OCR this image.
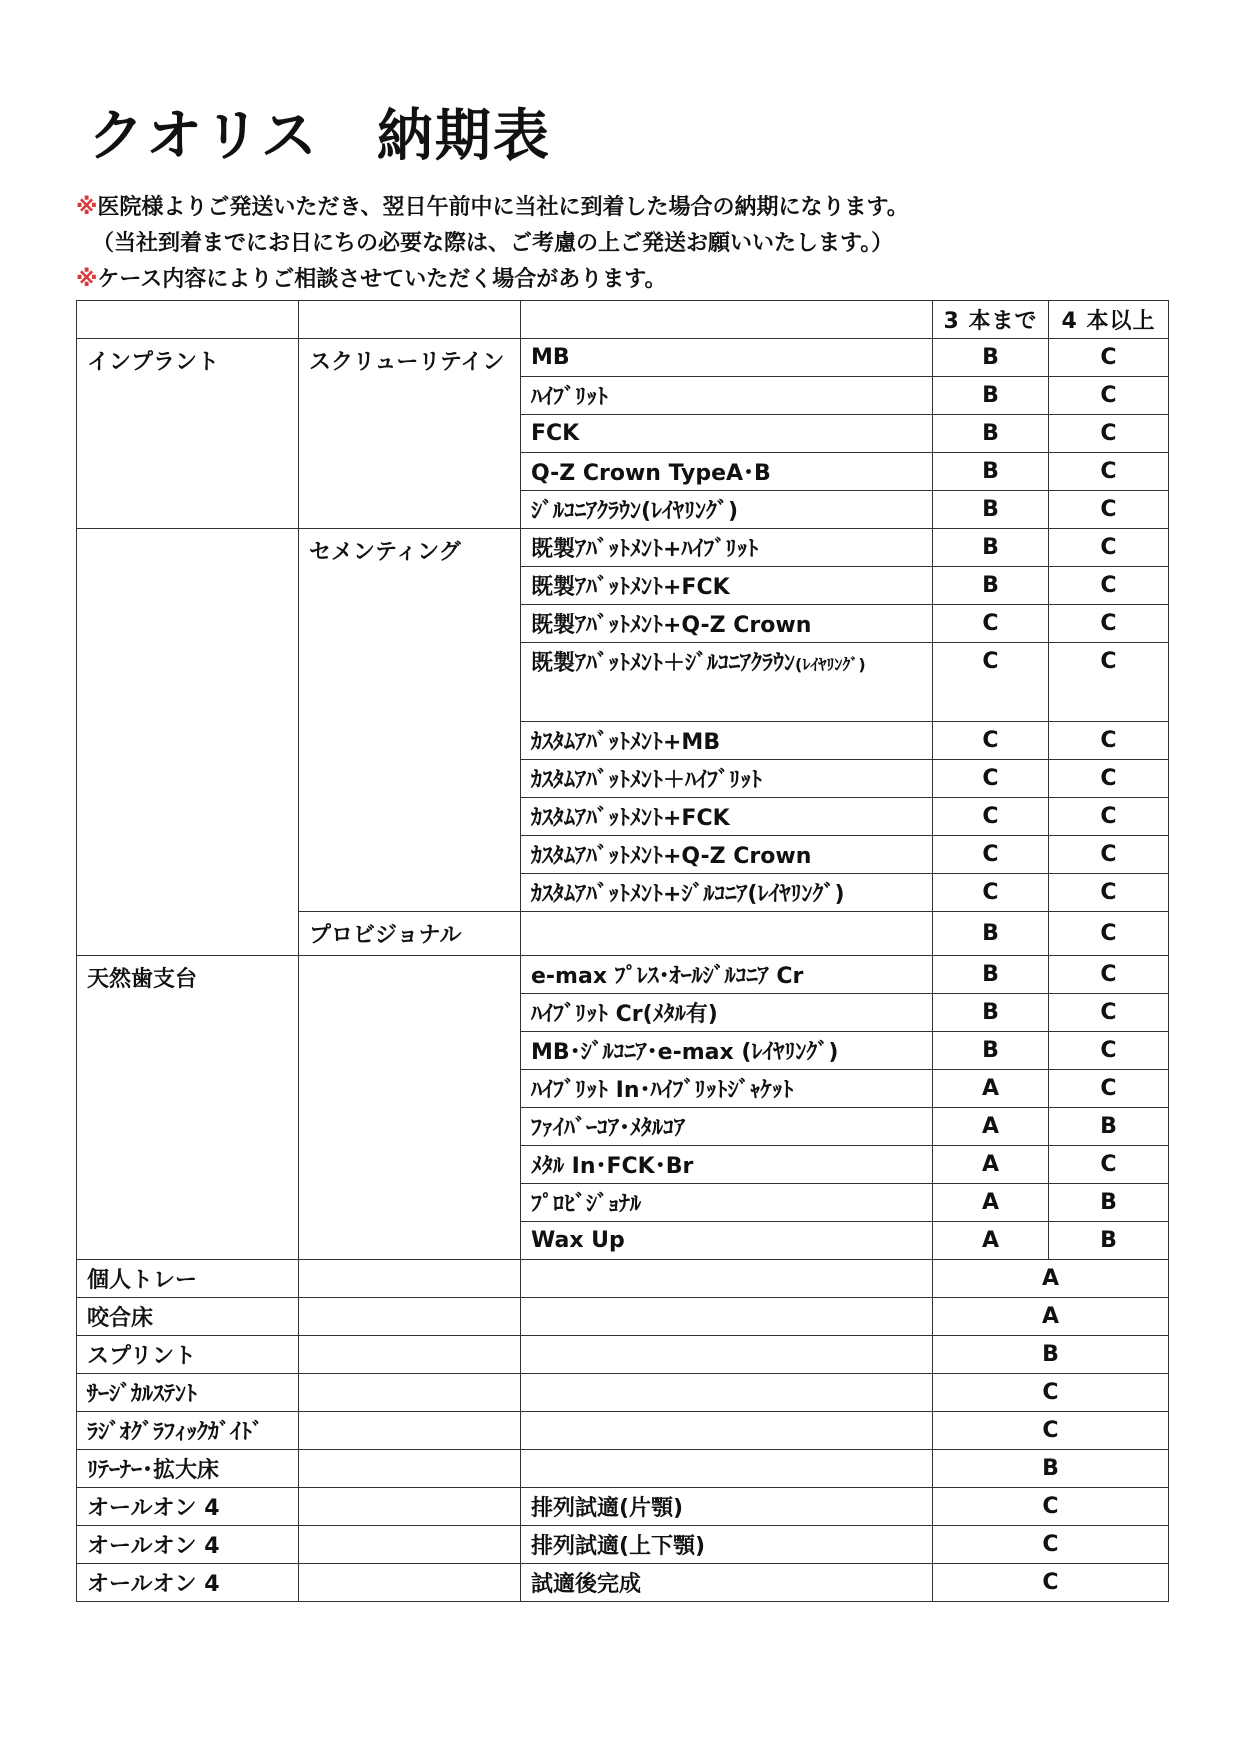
クオリス　納期表
※医院様よりご発送いただき、翌日午前中に当社に到着した場合の納期になります。
（当社到着までにお日にちの必要な際は、ご考慮の上ご発送お願いいたします。）
※ケース内容によりご相談させていただく場合があります。
			3 本まで	4 本以上
インプラント	スクリューリテイン	MB	B	C
		ﾊｲﾌﾞﾘｯﾄ	B	C
		FCK	B	C
		Q-Z Crown TypeA･B	B	C
		ｼﾞﾙｺﾆｱｸﾗｳﾝ(ﾚｲﾔﾘﾝｸﾞ)	B	C
	セメンティング	既製ｱﾊﾞｯﾄﾒﾝﾄ+ﾊｲﾌﾞﾘｯﾄ	B	C
		既製ｱﾊﾞｯﾄﾒﾝﾄ+FCK	B	C
		既製ｱﾊﾞｯﾄﾒﾝﾄ+Q-Z Crown	C	C
		既製ｱﾊﾞｯﾄﾒﾝﾄ＋ｼﾞﾙｺﾆｱｸﾗｳﾝ(ﾚｲﾔﾘﾝｸﾞ)	C	C
		ｶｽﾀﾑｱﾊﾞｯﾄﾒﾝﾄ+MB	C	C
		ｶｽﾀﾑｱﾊﾞｯﾄﾒﾝﾄ＋ﾊｲﾌﾞﾘｯﾄ	C	C
		ｶｽﾀﾑｱﾊﾞｯﾄﾒﾝﾄ+FCK	C	C
		ｶｽﾀﾑｱﾊﾞｯﾄﾒﾝﾄ+Q-Z Crown	C	C
		ｶｽﾀﾑｱﾊﾞｯﾄﾒﾝﾄ+ｼﾞﾙｺﾆｱ(ﾚｲﾔﾘﾝｸﾞ)	C	C
	プロビジョナル		B	C
天然歯支台		e-max ﾌﾟﾚｽ･ｵｰﾙｼﾞﾙｺﾆｱ Cr	B	C
		ﾊｲﾌﾞﾘｯﾄ Cr(ﾒﾀﾙ有)	B	C
		MB･ｼﾞﾙｺﾆｱ･e-max (ﾚｲﾔﾘﾝｸﾞ)	B	C
		ﾊｲﾌﾞﾘｯﾄ In･ﾊｲﾌﾞﾘｯﾄｼﾞｬｹｯﾄ	A	C
		ﾌｧｲﾊﾞｰｺｱ･ﾒﾀﾙｺｱ	A	B
		ﾒﾀﾙ In･FCK･Br	A	C
		ﾌﾟﾛﾋﾞｼﾞｮﾅﾙ	A	B
		Wax Up	A	B
個人トレー			A	
咬合床			A	
スプリント			B	
ｻｰｼﾞｶﾙｽﾃﾝﾄ			C	
ﾗｼﾞｵｸﾞﾗﾌｨｯｸｶﾞｲﾄﾞ			C	
ﾘﾃｰﾅｰ･拡大床			B	
オールオン 4		排列試適(片顎)	C	
オールオン 4		排列試適(上下顎)	C	
オールオン 4		試適後完成	C	
